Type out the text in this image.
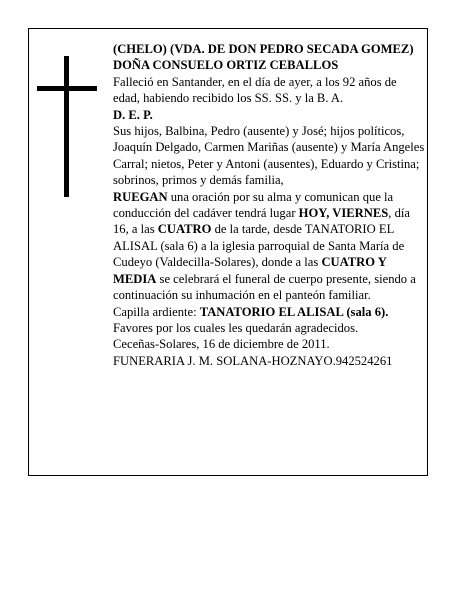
(CHELO) (VDA. DE DON PEDRO SECADA GOMEZ)

DOÑA CONSUELO ORTIZ CEBALLOS

Falleció en Santander, en el día de ayer, a los 92 años de edad, habiendo recibido los SS. SS. y la B. A.

D. E. P.

Sus hijos, Balbina, Pedro (ausente) y José; hijos políticos, Joaquín Delgado, Carmen Mariñas (ausente) y María Angeles Carral; nietos, Peter y Antoni (ausentes), Eduardo y Cristina; sobrinos, primos y demás familia,

RUEGAN una oración por su alma y comunican que la conducción del cadáver tendrá lugar HOY, VIERNES, día 16, a las CUATRO de la tarde, desde TANATORIO EL ALISAL (sala 6) a la iglesia parroquial de Santa María de Cudeyo (Valdecilla-Solares), donde a las CUATRO Y MEDIA se celebrará el funeral de cuerpo presente, siendo a continuación su inhumación en el panteón familiar.

Capilla ardiente: TANATORIO EL ALISAL (sala 6).

Favores por los cuales les quedarán agradecidos.

Ceceñas-Solares, 16 de diciembre de 2011.

FUNERARIA J. M. SOLANA-HOZNAYO.942524261
